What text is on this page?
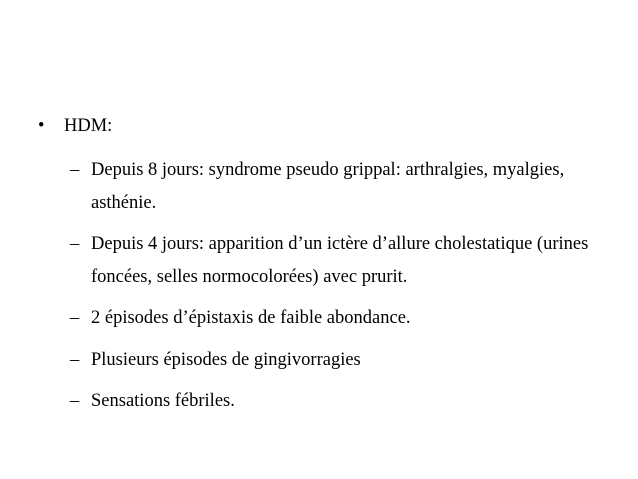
• HDM:
– Depuis 8 jours: syndrome pseudo grippal: arthralgies, myalgies, asthénie.
– Depuis 4 jours: apparition d’un ictère d’allure cholestatique (urines foncées, selles normocolorées) avec prurit.
– 2 épisodes d’épistaxis de faible abondance.
– Plusieurs épisodes de gingivorragies
– Sensations fébriles.
